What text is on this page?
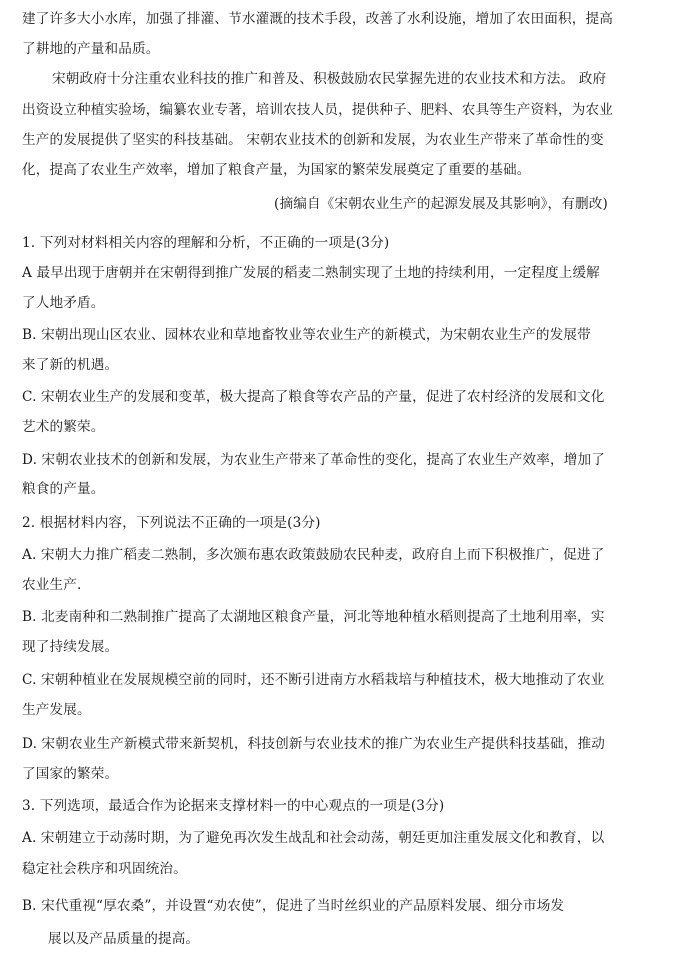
建了许多大小水库，加强了排灌、节水灌溉的技术手段，改善了水利设施，增加了农田面积，提高
了耕地的产量和品质。
宋朝政府十分注重农业科技的推广和普及、积极鼓励农民掌握先进的农业技术和方法。 政府
出资设立种植实验场，编纂农业专著，培训农技人员，提供种子、肥料、农具等生产资料，为农业
生产的发展提供了坚实的科技基础。 宋朝农业技术的创新和发展，为农业生产带来了革命性的变
化，提高了农业生产效率，增加了粮食产量，为国家的繁荣发展奠定了重要的基础。
(摘编自《宋朝农业生产的起源发展及其影响》，有删改)
1. 下列对材料相关内容的理解和分析，不正确的一项是(3分)
A 最早出现于唐朝并在宋朝得到推广发展的稻麦二熟制实现了土地的持续利用，一定程度上缓解
了人地矛盾。
B. 宋朝出现山区农业、园林农业和草地畜牧业等农业生产的新模式，为宋朝农业生产的发展带
来了新的机遇。
C. 宋朝农业生产的发展和变革，极大提高了粮食等农产品的产量，促进了农村经济的发展和文化
艺术的繁荣。
D. 宋朝农业技术的创新和发展，为农业生产带来了革命性的变化，提高了农业生产效率，增加了
粮食的产量。
2. 根据材料内容，下列说法不正确的一项是(3分)
A. 宋朝大力推广稻麦二熟制，多次颁布惠农政策鼓励农民种麦，政府自上而下积极推广，促进了
农业生产.
B. 北麦南种和二熟制推广提高了太湖地区粮食产量，河北等地种植水稻则提高了土地利用率，实
现了持续发展。
C. 宋朝种植业在发展规模空前的同时，还不断引进南方水稻栽培与种植技术，极大地推动了农业
生产发展。
D. 宋朝农业生产新模式带来新契机，科技创新与农业技术的推广为农业生产提供科技基础，推动
了国家的繁荣。
3. 下列选项，最适合作为论据来支撑材料一的中心观点的一项是(3分)
A. 宋朝建立于动荡时期，为了避免再次发生战乱和社会动荡，朝廷更加注重发展文化和教育，以
稳定社会秩序和巩固统治。
B. 宋代重视“厚农桑”，并设置“劝农使”，促进了当时丝织业的产品原料发展、细分市场发
展以及产品质量的提高。
